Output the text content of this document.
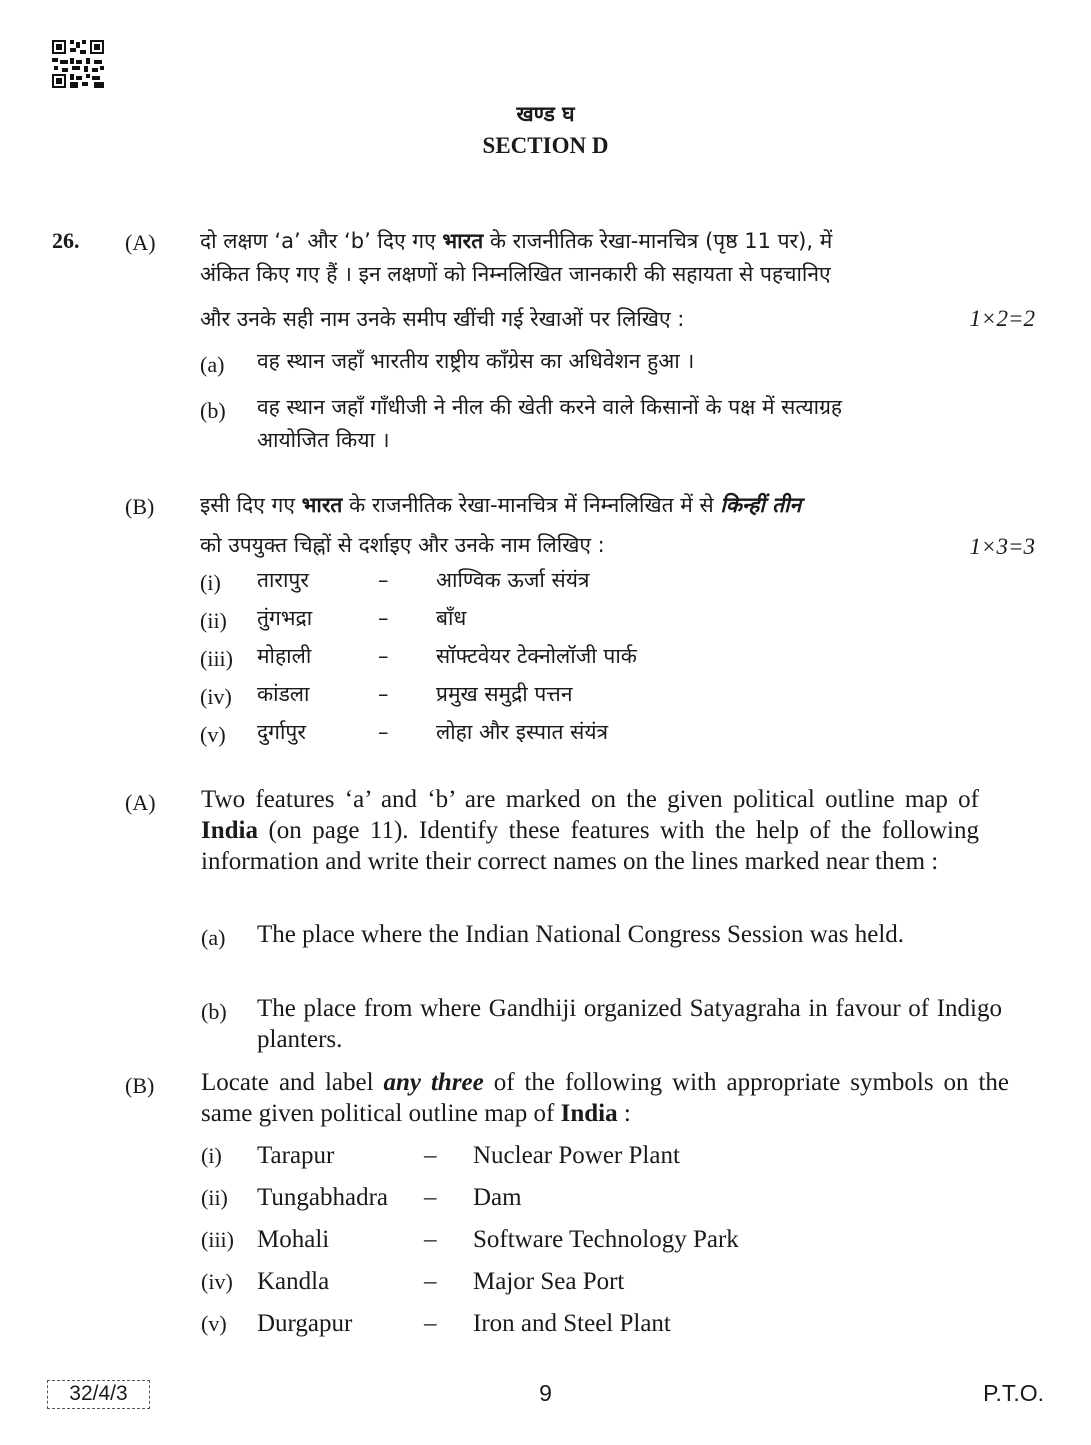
खण्ड घ
SECTION D
26. (A) दो लक्षण ‘a’ और ‘b’ दिए गए भारत के राजनीतिक रेखा-मानचित्र (पृष्ठ 11 पर), में
अंकित किए गए हैं । इन लक्षणों को निम्नलिखित जानकारी की सहायता से पहचानिए
और उनके सही नाम उनके समीप खींची गई रेखाओं पर लिखिए :	1×2=2
(a) वह स्थान जहाँ भारतीय राष्ट्रीय काँग्रेस का अधिवेशन हुआ ।
(b) वह स्थान जहाँ गाँधीजी ने नील की खेती करने वाले किसानों के पक्ष में सत्याग्रह
आयोजित किया ।
(B) इसी दिए गए भारत के राजनीतिक रेखा-मानचित्र में निम्नलिखित में से किन्हीं तीन
को उपयुक्त चिह्नों से दर्शाइए और उनके नाम लिखिए :	1×3=3
(i) तारापुर	– आण्विक ऊर्जा संयंत्र
(ii) तुंगभद्रा	– बाँध
(iii) मोहाली	– सॉफ्टवेयर टेक्नोलॉजी पार्क
(iv) कांडला	– प्रमुख समुद्री पत्तन
(v) दुर्गापुर	– लोहा और इस्पात संयंत्र
(A) Two features ‘a’ and ‘b’ are marked on the given political outline map of India (on page 11). Identify these features with the help of the following information and write their correct names on the lines marked near them :
(a) The place where the Indian National Congress Session was held.
(b) The place from where Gandhiji organized Satyagraha in favour of Indigo planters.
(B) Locate and label any three of the following with appropriate symbols on the same given political outline map of India :
(i) Tarapur	– Nuclear Power Plant
(ii) Tungabhadra – Dam
(iii) Mohali	– Software Technology Park
(iv) Kandla	– Major Sea Port
(v) Durgapur	– Iron and Steel Plant
32/4/3	9	P.T.O.
